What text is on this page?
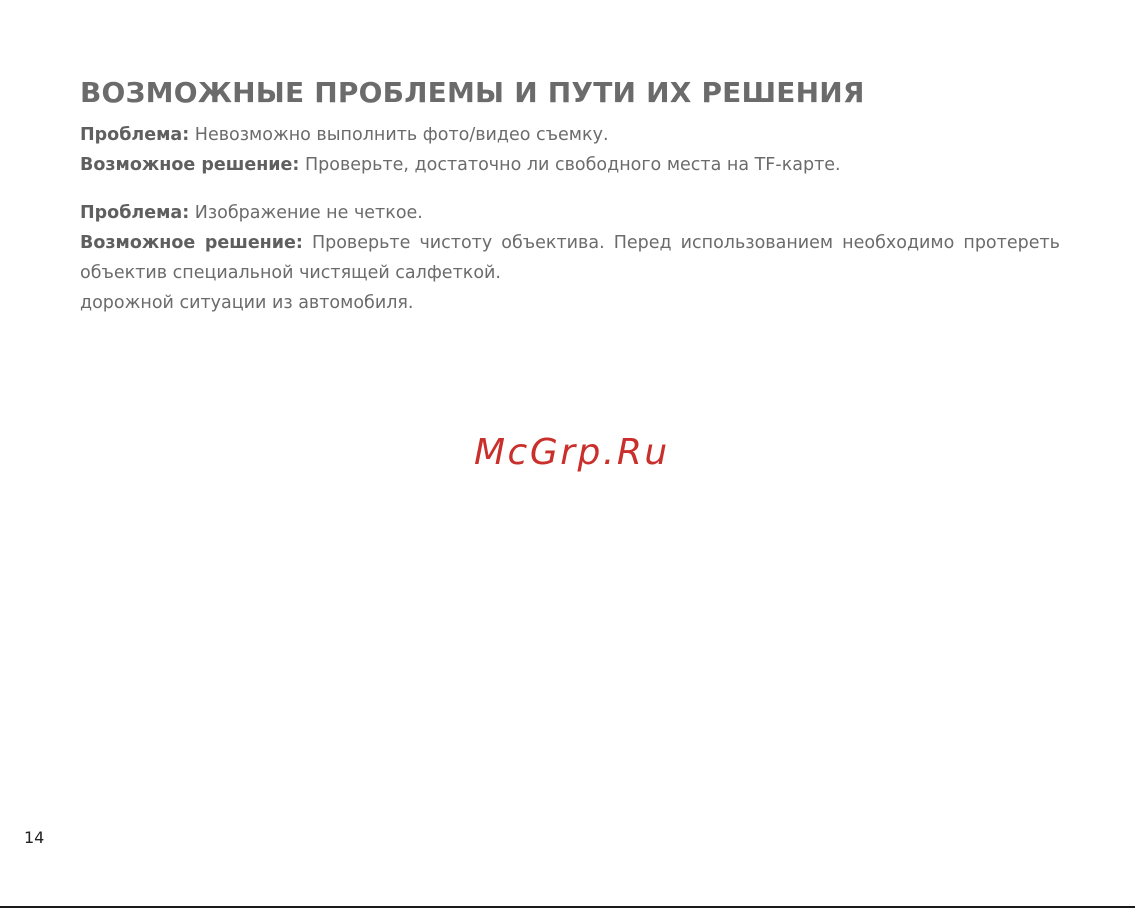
ВОЗМОЖНЫЕ ПРОБЛЕМЫ И ПУТИ ИХ РЕШЕНИЯ

Проблема: Невозможно выполнить фото/видео съемку.

Возможное решение: Проверьте, достаточно ли свободного места на TF-карте.

Проблема: Изображение не четкое.

Возможное решение: Проверьте чистоту объектива. Перед использованием необходимо протереть объектив специальной чистящей салфеткой.

дорожной ситуации из автомобиля.

McGrp.Ru
14
